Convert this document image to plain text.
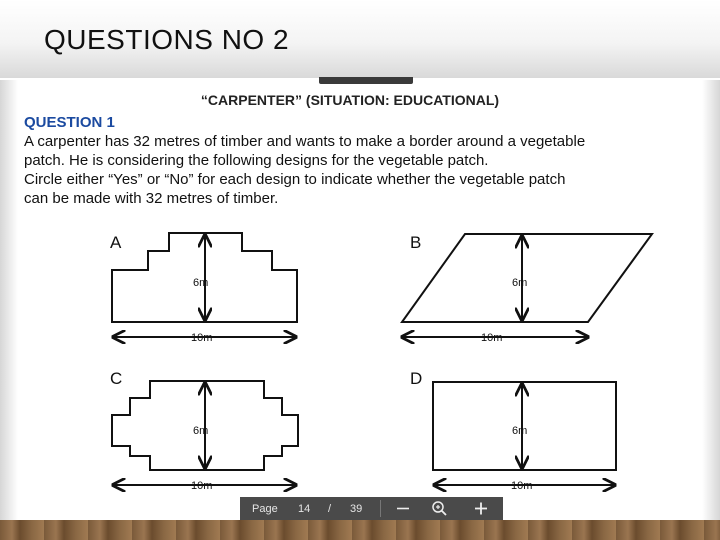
QUESTIONS NO 2
“CARPENTER” (SITUATION: EDUCATIONAL)
QUESTION 1

A carpenter has 32 metres of timber and wants to make a border around a vegetable

patch. He is considering the following designs for the vegetable patch.

Circle either “Yes” or “No” for each design to indicate whether the vegetable patch

can be made with 32 metres of timber.

A
6m
10m
B
6m
10m
C
6m
10m
D
6m
10m
Page 14 / 39
